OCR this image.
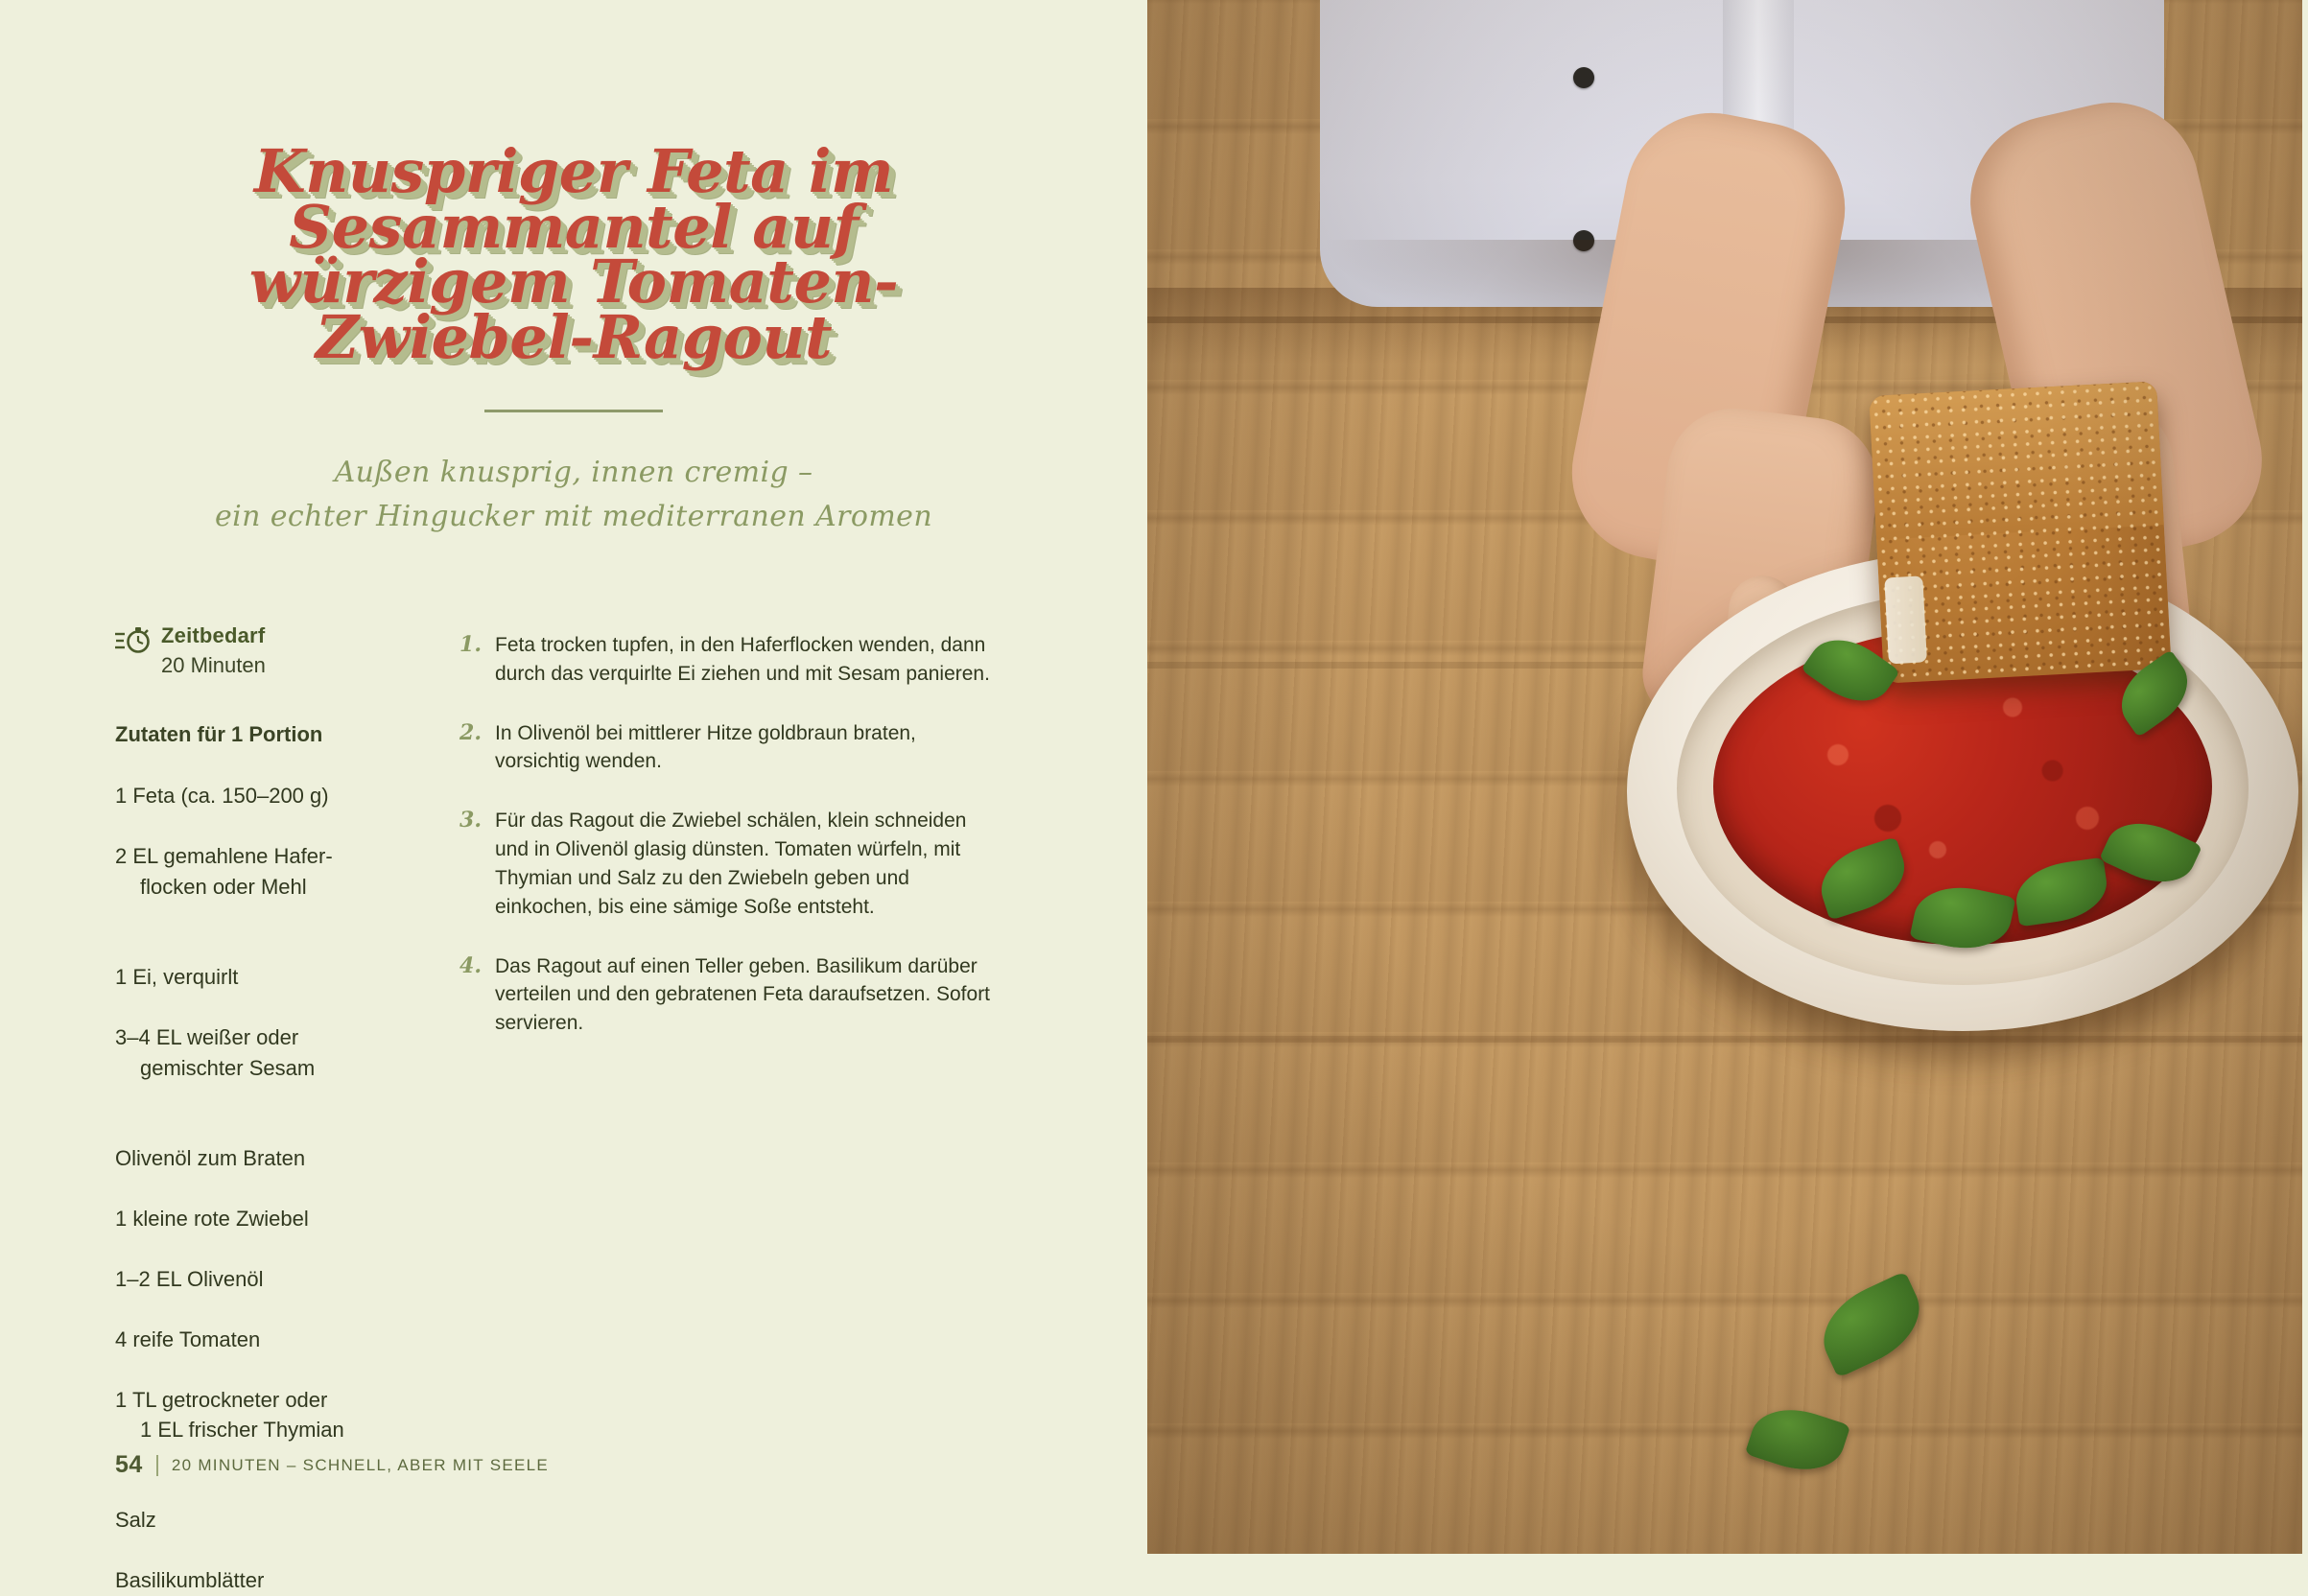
Knuspriger Feta im Sesammantel auf würzigem Tomaten-Zwiebel-Ragout
Außen knusprig, innen cremig –
ein echter Hingucker mit mediterranen Aromen
Zeitbedarf
20 Minuten
Zutaten für 1 Portion

1 Feta (ca. 150–200 g)

2 EL gemahlene Hafer-

flocken oder Mehl

1 Ei, verquirlt

3–4 EL weißer oder

gemischter Sesam

Olivenöl zum Braten

1 kleine rote Zwiebel

1–2 EL Olivenöl

4 reife Tomaten

1 TL getrockneter oder

1 EL frischer Thymian

Salz

Basilikumblätter

1. Feta trocken tupfen, in den Haferflocken wenden, dann durch das verquirlte Ei ziehen und mit Sesam panieren.
2. In Olivenöl bei mittlerer Hitze goldbraun braten, vorsichtig wenden.
3. Für das Ragout die Zwiebel schälen, klein schneiden und in Olivenöl glasig dünsten. Tomaten würfeln, mit Thymian und Salz zu den Zwiebeln geben und einkochen, bis eine sämige Soße entsteht.
4. Das Ragout auf einen Teller geben. Basilikum darüber verteilen und den gebratenen Feta daraufsetzen. Sofort servieren.
54 20 MINUTEN – SCHNELL, ABER MIT SEELE
